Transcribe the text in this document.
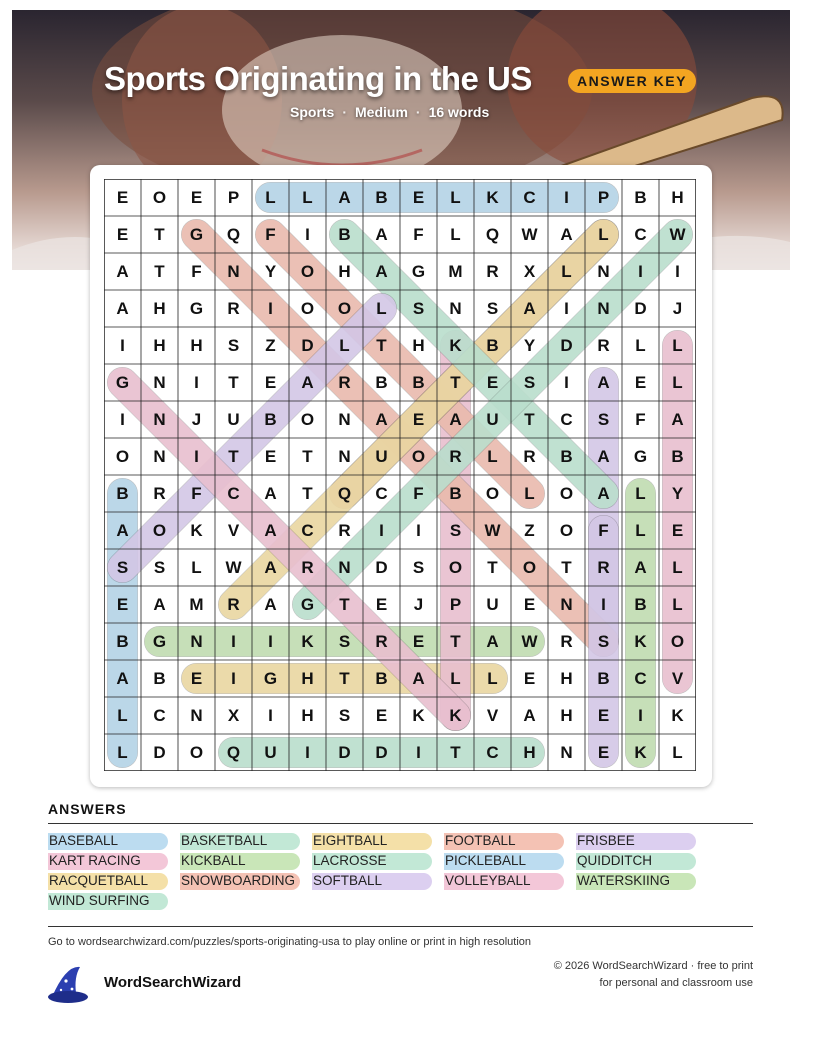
Sports Originating in the US	ANSWER KEY
Sports · Medium · 16 words
E	O	E	P	L	L	A	B	E	L	K	C	I	P	B	H
E	T	G	Q	F	I	B	A	F	L	Q	W	A	L	C	W
A	T	F	N	Y	O	H	A	G	M	R	X	L	N	I	I
A	H	G	R	I	O	O	L	S	N	S	A	I	N	D	J
I	H	H	S	Z	D	L	T	H	K	B	Y	D	R	L	L
G	N	I	T	E	A	R	B	B	T	E	S	I	A	E	L
I	N	J	U	B	O	N	A	E	A	U	T	C	S	F	A
O	N	I	T	E	T	N	U	O	R	L	R	B	A	G	B
B	R	F	C	A	T	Q	C	F	B	O	L	O	A	L	Y
A	O	K	V	A	C	R	I	I	S	W	Z	O	F	L	E
S	S	L	W	A	R	N	D	S	O	T	O	T	R	A	L
E	A	M	R	A	G	T	E	J	P	U	E	N	I	B	L
B	G	N	I	I	K	S	R	E	T	A	W	R	S	K	O
A	B	E	I	G	H	T	B	A	L	L	E	H	B	C	V
L	C	N	X	I	H	S	E	K	K	V	A	H	E	I	K
L	D	O	Q	U	I	D	D	I	T	C	H	N	E	K	L
ANSWERS
BASEBALL	BASKETBALL	EIGHTBALL	FOOTBALL	FRISBEE
KART RACING	KICKBALL	LACROSSE	PICKLEBALL	QUIDDITCH
RACQUETBALL SNOWBOARDING SOFTBALL	VOLLEYBALL	WATERSKIING
WIND SURFING
Go to wordsearchwizard.com/puzzles/sports-originating-usa to play online or print in high resolution
WordSearchWizard
© 2026 WordSearchWizard · free to print for personal and classroom use
